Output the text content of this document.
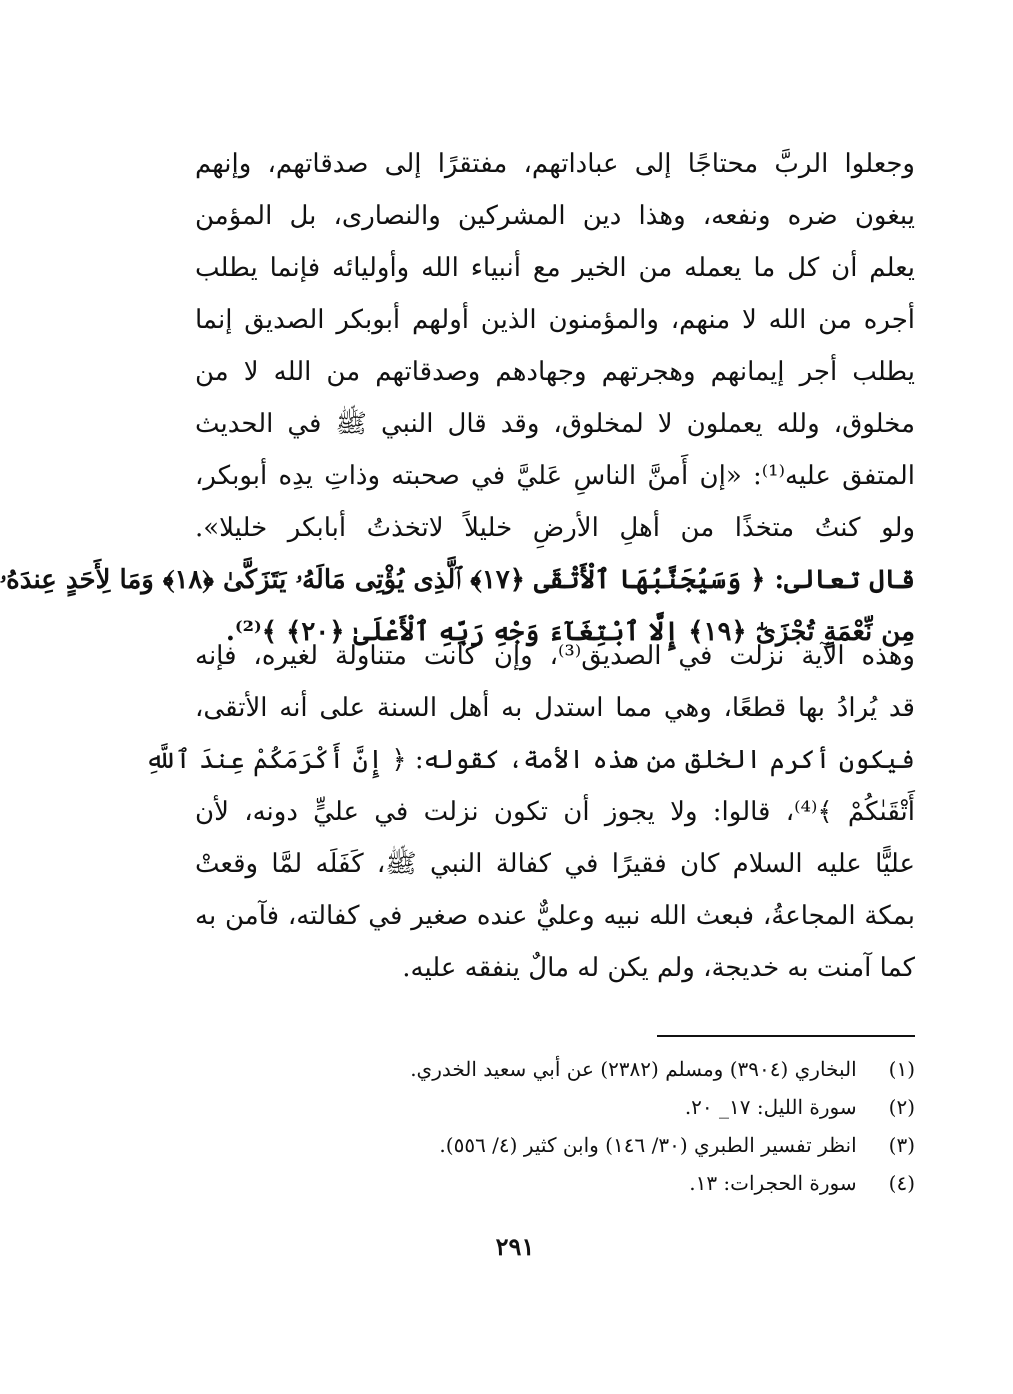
وجعلوا الربَّ محتاجًا إلى عباداتهم، مفتقرًا إلى صدقاتهم، وإنهم
يبغون ضره ونفعه، وهذا دين المشركين والنصارى، بل المؤمن
يعلم أن كل ما يعمله من الخير مع أنبياء الله وأوليائه فإنما يطلب
أجره من الله لا منهم، والمؤمنون الذين أولهم أبوبكر الصديق إنما
يطلب أجر إيمانهم وهجرتهم وجهادهم وصدقاتهم من الله لا من
مخلوق، ولله يعملون لا لمخلوق، وقد قال النبي ﷺ في الحديث
المتفق عليه⁽¹⁾: «إن أَمنَّ الناسِ عَليَّ في صحبته وذاتِ يدِه أبوبكر،
ولو كنتُ متخذًا من أهلِ الأرضِ خليلاً لاتخذتُ أبابكر خليلا».
قال تعالى: ﴿ وَسَيُجَنَّبُهَا ٱلْأَتْقَى ﴿١٧﴾ ٱلَّذِى يُؤْتِى مَالَهُۥ يَتَزَكَّىٰ ﴿١٨﴾ وَمَا لِأَحَدٍ عِندَهُۥ
مِن نِّعْمَةٍ تُجْزَىٰٓ ﴿١٩﴾ إِلَّا ٱبْتِغَآءَ وَجْهِ رَبِّهِ ٱلْأَعْلَىٰ ﴿٢٠﴾ ﴾⁽²⁾.
وهذه الآية نزلت في الصديق⁽³⁾، وإن كانت متناولة لغيره، فإنه
قد يُرادُ بها قطعًا، وهي مما استدل به أهل السنة على أنه الأتقى،
فيكون أكرم الخلق من هذه الأمة، كقوله: ﴿ إِنَّ أَكْرَمَكُمْ عِندَ ٱللَّهِ
أَتْقَىٰكُمْ ﴾⁽⁴⁾، قالوا: ولا يجوز أن تكون نزلت في عليٍّ دونه، لأن
عليًّا عليه السلام كان فقيرًا في كفالة النبي ﷺ، كَفَلَه لمَّا وقعتْ
بمكة المجاعةُ، فبعث الله نبيه وعليٌّ عنده صغير في كفالته، فآمن به
كما آمنت به خديجة، ولم يكن له مالٌ ينفقه عليه.
(١) البخاري (٣٩٠٤) ومسلم (٢٣٨٢) عن أبي سعيد الخدري.
(٢) سورة الليل: ١٧_ ٢٠.
(٣) انظر تفسير الطبري (٣٠/ ١٤٦) وابن كثير (٤/ ٥٥٦).
(٤) سورة الحجرات: ١٣.
٢٩١
